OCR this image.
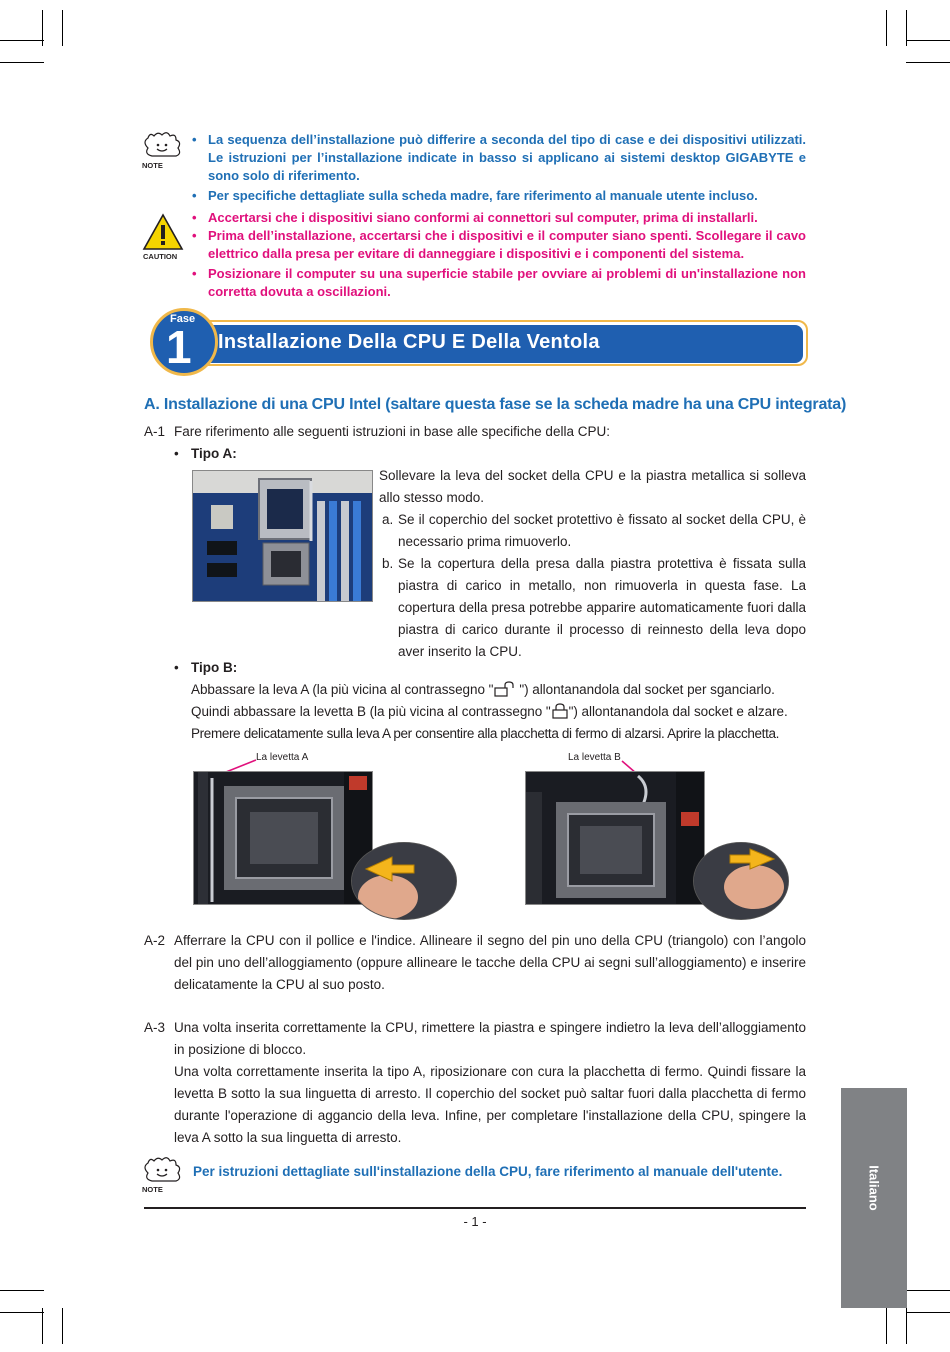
NOTE
• La sequenza dell’installazione può differire a seconda del tipo di case e dei dispositivi utilizzati. Le istruzioni per l’installazione indicate in basso si applicano ai sistemi desktop GIGABYTE e sono solo di riferimento.
• Per specifiche dettagliate sulla scheda madre, fare riferimento al manuale utente incluso.
CAUTION
• Accertarsi che i dispositivi siano conformi ai connettori sul computer, prima di installarli.
• Prima dell’installazione, accertarsi che i dispositivi e il computer siano spenti. Scollegare il cavo elettrico dalla presa per evitare di danneggiare i dispositivi e i componenti del sistema.
• Posizionare il computer su una superficie stabile per ovviare ai problemi di un'installazione non corretta dovuta a oscillazioni.
Fase
1 Installazione Della CPU E Della Ventola
A. Installazione di una CPU Intel (saltare questa fase se la scheda madre ha una CPU integrata)
A-1 Fare riferimento alle seguenti istruzioni in base alle specifiche della CPU:
• Tipo A:
Sollevare la leva del socket della CPU e la piastra metallica si solleva allo stesso modo.
a. Se il coperchio del socket protettivo è fissato al socket della CPU, è necessario prima rimuoverlo.
b. Se la copertura della presa dalla piastra protettiva è fissata sulla piastra di carico in metallo, non rimuoverla in questa fase. La copertura della presa potrebbe apparire automaticamente fuori dalla piastra di carico durante il processo di reinnesto della leva dopo aver inserito la CPU.
• Tipo B:
Abbassare la leva A (la più vicina al contrassegno " ") allontanandola dal socket per sganciarlo.
Quindi abbassare la levetta B (la più vicina al contrassegno " ") allontanandola dal socket e alzare.
Premere delicatamente sulla leva A per consentire alla placchetta di fermo di alzarsi. Aprire la placchetta.
La levetta A	La levetta B
A-2 Afferrare la CPU con il pollice e l'indice. Allineare il segno del pin uno della CPU (triangolo) con l’angolo del pin uno dell’alloggiamento (oppure allineare le tacche della CPU ai segni sull’alloggiamento) e inserire delicatamente la CPU al suo posto.
A-3 Una volta inserita correttamente la CPU, rimettere la piastra e spingere indietro la leva dell’alloggiamento in posizione di blocco.
Una volta correttamente inserita la tipo A, riposizionare con cura la placchetta di fermo. Quindi fissare la levetta B sotto la sua linguetta di arresto. Il coperchio del socket può saltar fuori dalla placchetta di fermo durante l'operazione di aggancio della leva. Infine, per completare l'installazione della CPU, spingere la leva A sotto la sua linguetta di arresto.
NOTE
Per istruzioni dettagliate sull'installazione della CPU, fare riferimento al manuale dell'utente.
- 1 -
Italiano
